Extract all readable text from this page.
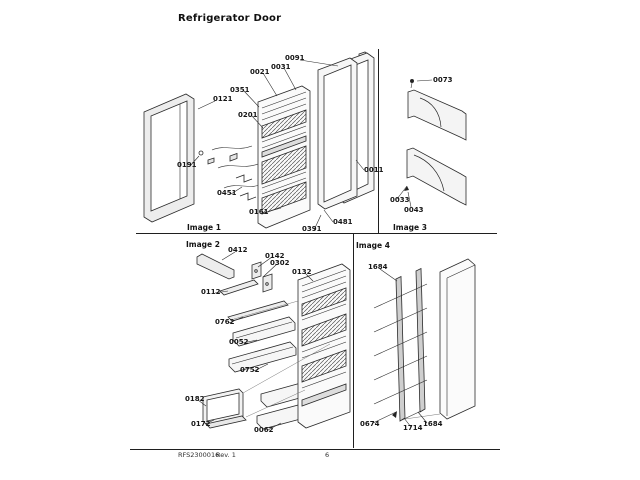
Refrigerator Door
Image 1
Image 2
Image 3
Image 4
0091
0031
0021
0351
0121
0201
0191
0451
0161
0391
0481
0011
0412
0142
0302
0132
0112
0762
0052
0752
0182
0172
0062
0073
0033
0043
1684
0674	1714 1684
RFS2300016
Rev. 1	6
